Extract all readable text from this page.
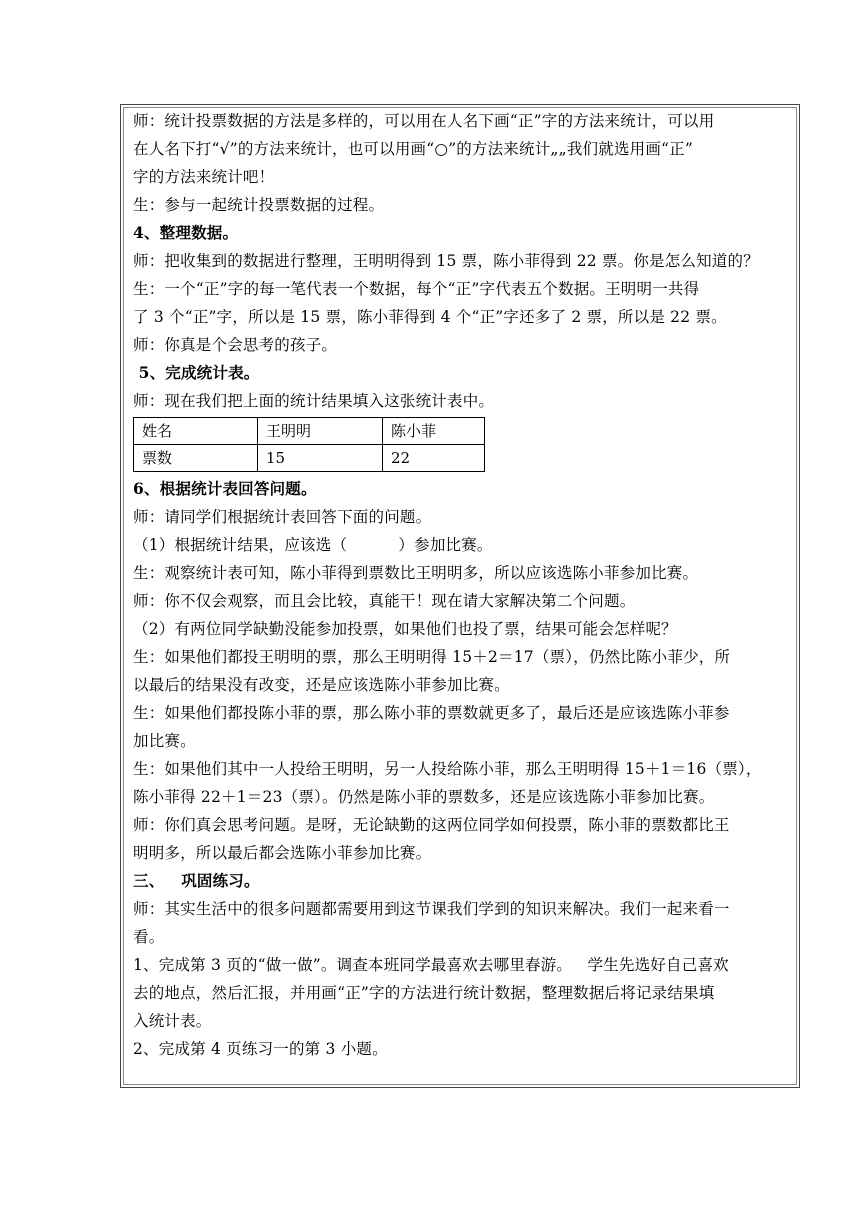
师：统计投票数据的方法是多样的，可以用在人名下画“正”字的方法来统计，可以用
在人名下打“√”的方法来统计，也可以用画“○”的方法来统计„„我们就选用画“正”
字的方法来统计吧！
生：参与一起统计投票数据的过程。
4、整理数据。
师：把收集到的数据进行整理，王明明得到 15 票，陈小菲得到 22 票。你是怎么知道的？
生：一个“正”字的每一笔代表一个数据，每个“正”字代表五个数据。王明明一共得
了 3 个“正”字，所以是 15 票，陈小菲得到 4 个“正”字还多了 2 票，所以是 22 票。
师：你真是个会思考的孩子。
5、完成统计表。
师：现在我们把上面的统计结果填入这张统计表中。
姓名	王明明	陈小菲
票数	15	22
6、根据统计表回答问题。
师：请同学们根据统计表回答下面的问题。
（1）根据统计结果，应该选（          ）参加比赛。
生：观察统计表可知，陈小菲得到票数比王明明多，所以应该选陈小菲参加比赛。
师：你不仅会观察，而且会比较，真能干！现在请大家解决第二个问题。
（2）有两位同学缺勤没能参加投票，如果他们也投了票，结果可能会怎样呢？
生：如果他们都投王明明的票，那么王明明得 15＋2＝17（票），仍然比陈小菲少，所
以最后的结果没有改变，还是应该选陈小菲参加比赛。
生：如果他们都投陈小菲的票，那么陈小菲的票数就更多了，最后还是应该选陈小菲参
加比赛。
生：如果他们其中一人投给王明明，另一人投给陈小菲，那么王明明得 15＋1＝16（票），
陈小菲得 22＋1＝23（票）。仍然是陈小菲的票数多，还是应该选陈小菲参加比赛。
师：你们真会思考问题。是呀，无论缺勤的这两位同学如何投票，陈小菲的票数都比王
明明多，所以最后都会选陈小菲参加比赛。
三、   巩固练习。
师：其实生活中的很多问题都需要用到这节课我们学到的知识来解决。我们一起来看一
看。
1、完成第 3 页的“做一做”。调查本班同学最喜欢去哪里春游。   学生先选好自己喜欢
去的地点，然后汇报，并用画“正”字的方法进行统计数据，整理数据后将记录结果填
入统计表。
2、完成第 4 页练习一的第 3 小题。
